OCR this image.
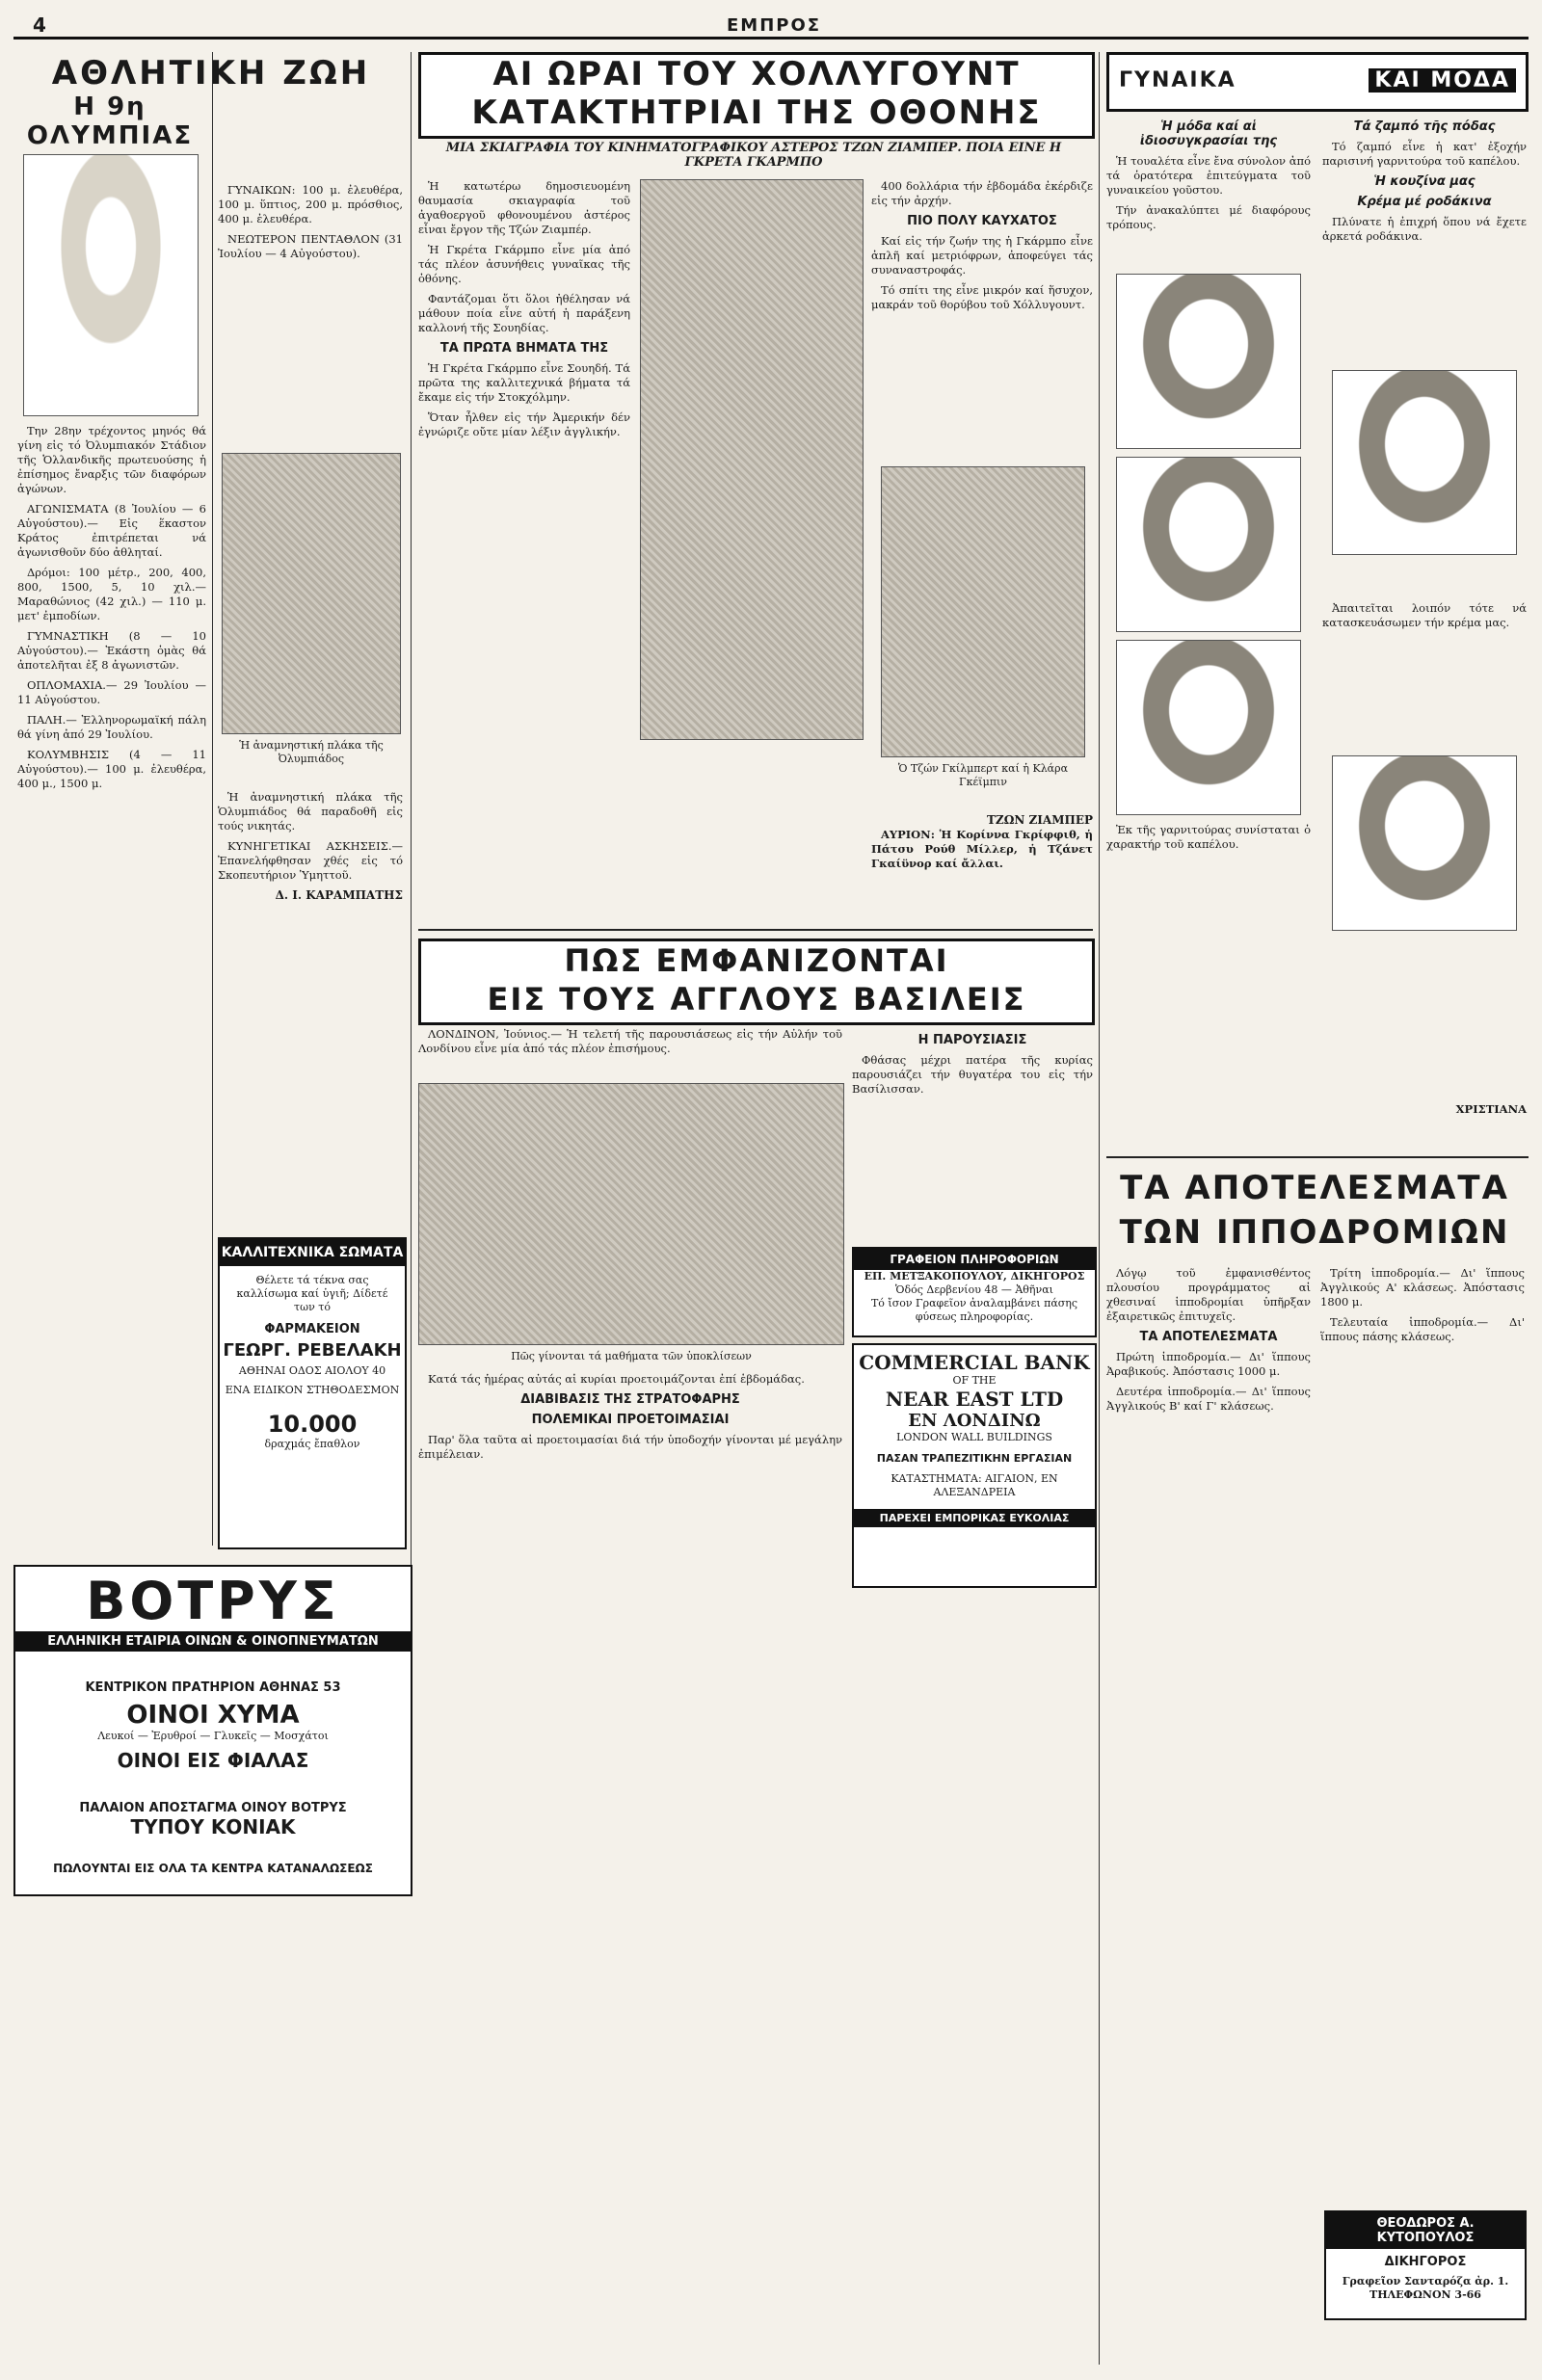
4	ΕΜΠΡΟΣ
ΑΘΛΗΤΙΚΗ ΖΩΗ
Η 9η ΟΛΥΜΠΙΑΣ

Την 28ην τρέχοντος μηνός θά γίνη εἰς τό Ὀλυμπιακόν Στάδιον τῆς Ὁλλανδικῆς πρωτευούσης ἡ ἐπίσημος ἔναρξις τῶν διαφόρων ἀγώνων.

ΑΓΩΝΙΣΜΑΤΑ (8 Ἰουλίου — 6 Αὐγούστου).— Εἰς ἕκαστον Κράτος ἐπιτρέπεται νά ἀγωνισθοῦν δύο ἀθληταί.

Δρόμοι: 100 μέτρ., 200, 400, 800, 1500, 5, 10 χιλ.— Μαραθώνιος (42 χιλ.) — 110 μ. μετ' ἐμποδίων.

ΓΥΜΝΑΣΤΙΚΗ (8 — 10 Αὐγούστου).— Ἑκάστη ὁμὰς θά ἀποτελῆται ἐξ 8 ἀγωνιστῶν.

ΟΠΛΟΜΑΧΙΑ.— 29 Ἰουλίου — 11 Αὐγούστου.

ΠΑΛΗ.— Ἑλληνορωμαϊκή πάλη θά γίνη ἀπό 29 Ἰουλίου.

ΚΟΛΥΜΒΗΣΙΣ (4 — 11 Αὐγούστου).— 100 μ. ἐλευθέρα, 400 μ., 1500 μ.

ΓΥΝΑΙΚΩΝ: 100 μ. ἐλευθέρα, 100 μ. ὕπτιος, 200 μ. πρόσθιος, 400 μ. ἐλευθέρα.

ΝΕΩΤΕΡΟΝ ΠΕΝΤΑΘΛΟΝ (31 Ἰουλίου — 4 Αὐγούστου).

Ἡ ἀναμνηστική πλάκα τῆς Ὀλυμπιάδος

Ἡ ἀναμνηστική πλάκα τῆς Ὁλυμπιάδος θά παραδοθῆ εἰς τούς νικητάς.

ΚΥΝΗΓΕΤΙΚΑΙ ΑΣΚΗΣΕΙΣ.— Ἐπανελήφθησαν χθές εἰς τό Σκοπευτήριον Ὑμηττοῦ.

Δ. Ι. ΚΑΡΑΜΠΑΤΗΣ
ΚΑΛΛΙΤΕΧΝΙΚΑ ΣΩΜΑΤΑ
Θέλετε τά τέκνα σας καλλίσωμα καί ὑγιῆ; Δίδετέ των τό
ΦΑΡΜΑΚΕΙΟΝ
ΓΕΩΡΓ. ΡΕΒΕΛΑΚΗ
ΑΘΗΝΑΙ ΟΔΟΣ ΑΙΟΛΟΥ 40
ΕΝΑ ΕΙΔΙΚΟΝ ΣΤΗΘΟΔΕΣΜΟΝ
10.000
δραχμάς ἔπαθλον
ΒΟΤΡΥΣ
ΕΛΛΗΝΙΚΗ ΕΤΑΙΡΙΑ ΟΙΝΩΝ & ΟΙΝΟΠΝΕΥΜΑΤΩΝ
ΚΕΝΤΡΙΚΟΝ ΠΡΑΤΗΡΙΟΝ ΑΘΗΝΑΣ 53
ΟΙΝΟΙ ΧΥΜΑ
Λευκοί — Ἐρυθροί — Γλυκεῖς — Μοσχάτοι
ΟΙΝΟΙ ΕΙΣ ΦΙΑΛΑΣ
ΠΑΛΑΙΟΝ ΑΠΟΣΤΑΓΜΑ ΟΙΝΟΥ ΒΟΤΡΥΣ
ΤΥΠΟΥ ΚΟΝΙΑΚ
ΠΩΛΟΥΝΤΑΙ ΕΙΣ ΟΛΑ ΤΑ ΚΕΝΤΡΑ ΚΑΤΑΝΑΛΩΣΕΩΣ
ΑΙ ΩΡΑΙ ΤΟΥ ΧΟΛΛΥΓΟΥΝΤ
ΚΑΤΑΚΤΗΤΡΙΑΙ ΤΗΣ ΟΘΟΝΗΣ
ΜΙΑ ΣΚΙΑΓΡΑΦΙΑ ΤΟΥ ΚΙΝΗΜΑΤΟΓΡΑΦΙΚΟΥ ΑΣΤΕΡΟΣ ΤΖΩΝ ΖΙΑΜΠΕΡ. ΠΟΙΑ ΕΙΝΕ Η ΓΚΡΕΤΑ ΓΚΑΡΜΠΟ

Ἡ κατωτέρω δημοσιευομένη θαυμασία σκιαγραφία τοῦ ἀγαθοεργοῦ φθονουμένου ἀστέρος εἶναι ἔργον τῆς Τζών Ζιαμπέρ.

Ἡ Γκρέτα Γκάρμπο εἶνε μία ἀπό τάς πλέον ἀσυνήθεις γυναῖκας τῆς ὀθόνης.

Φαντάζομαι ὅτι ὅλοι ἠθέλησαν νά μάθουν ποία εἶνε αὐτή ἡ παράξενη καλλονή τῆς Σουηδίας.

ΤΑ ΠΡΩΤΑ ΒΗΜΑΤΑ ΤΗΣ

Ἡ Γκρέτα Γκάρμπο εἶνε Σουηδή. Τά πρῶτα της καλλιτεχνικά βήματα τά ἔκαμε εἰς τήν Στοκχόλμην.

Ὅταν ἦλθεν εἰς τήν Ἀμερικήν δέν ἐγνώριζε οὔτε μίαν λέξιν ἀγγλικήν.

Ὁ Τζών Γκίλμπερτ καί ἡ Κλάρα Γκέϊμπιν

400 δολλάρια τήν ἑβδομάδα ἐκέρδιζε εἰς τήν ἀρχήν.

ΠΙΟ ΠΟΛΥ ΚΑΥΧΑΤΟΣ

Καί εἰς τήν ζωήν της ἡ Γκάρμπο εἶνε ἀπλῆ καί μετριόφρων, ἀποφεύγει τάς συναναστροφάς.

Τό σπίτι της εἶνε μικρόν καί ἥσυχον, μακράν τοῦ θορύβου τοῦ Χόλλυγουντ.

ΤΖΩΝ ΖΙΑΜΠΕΡ

ΑΥΡΙΟΝ: Ἡ Κορίννα Γκρίφφιθ, ἡ Πάτσυ Ρούθ Μίλλερ, ἡ Τζάνετ Γκαίϋνορ καί ἄλλαι.

ΠΩΣ ΕΜΦΑΝΙΖΟΝΤΑΙ
ΕΙΣ ΤΟΥΣ ΑΓΓΛΟΥΣ ΒΑΣΙΛΕΙΣ

ΛΟΝΔΙΝΟΝ, Ἰούνιος.— Ἡ τελετή τῆς παρουσιάσεως εἰς τήν Αὐλήν τοῦ Λονδίνου εἶνε μία ἀπό τάς πλέον ἐπισήμους.

Πῶς γίνονται τά μαθήματα τῶν ὑποκλίσεων

Κατά τάς ἡμέρας αὐτάς αἱ κυρίαι προετοιμάζονται ἐπί ἑβδομάδας.

ΔΙΑΒΙΒΑΣΙΣ ΤΗΣ ΣΤΡΑΤΟΦΑΡΗΣ
ΠΟΛΕΜΙΚΑΙ ΠΡΟΕΤΟΙΜΑΣΙΑΙ

Παρ' ὅλα ταῦτα αἱ προετοιμασίαι διά τήν ὑποδοχήν γίνονται μέ μεγάλην ἐπιμέλειαν.

Η ΠΑΡΟΥΣΙΑΣΙΣ

Φθάσας μέχρι πατέρα τῆς κυρίας παρουσιάζει τήν θυγατέρα του εἰς τήν Βασίλισσαν.

ΓΡΑΦΕΙΟΝ ΠΛΗΡΟΦΟΡΙΩΝ
ΕΠ. ΜΕΤΞΑΚΟΠΟΥΛΟΥ, ΔΙΚΗΓΟΡΟΣ
Ὁδός Δερβενίου 48 — Ἀθῆναι
Τό ἴσον Γραφεῖον ἀναλαμβάνει πάσης φύσεως πληροφορίας.
COMMERCIAL BANK
OF THE
NEAR EAST LTD
ΕΝ ΛΟΝΔΙΝΩ
LONDON WALL BUILDINGS
ΠΑΣΑΝ ΤΡΑΠΕΖΙΤΙΚΗΝ ΕΡΓΑΣΙΑΝ
ΚΑΤΑΣΤΗΜΑΤΑ: ΑΙΓΑΙΟΝ, ΕΝ ΑΛΕΞΑΝΔΡΕΙΑ
ΠΑΡΕΧΕΙ ΕΜΠΟΡΙΚΑΣ ΕΥΚΟΛΙΑΣ
ΓΥΝΑΙΚΑ	ΚΑΙ ΜΟΔΑ
Ἡ μόδα καί αἱ ἰδιοσυγκρασίαι της

Ἡ τουαλέτα εἶνε ἔνα σύνολον ἀπό τά ὁρατότερα ἐπιτεύγματα τοῦ γυναικείου γοῦστου.

Τήν ἀνακαλύπτει μέ διαφόρους τρόπους.

Τά ζαμπό τῆς πόδας

Τό ζαμπό εἶνε ἡ κατ' ἐξοχήν παρισινή γαρνιτούρα τοῦ καπέλου.

Ἡ κουζίνα μας
Κρέμα μέ ροδάκινα

Πλύνατε ἡ ἐπιχρή ὅπου νά ἔχετε ἀρκετά ροδάκινα.

Ἀπαιτεῖται λοιπόν τότε νά κατασκευάσωμεν τήν κρέμα μας.

Ἐκ τῆς γαρνιτούρας συνίσταται ὁ χαρακτήρ τοῦ καπέλου.

ΧΡΙΣΤΙΑΝΑ
ΤΑ ΑΠΟΤΕΛΕΣΜΑΤΑ
ΤΩΝ ΙΠΠΟΔΡΟΜΙΩΝ

Λόγῳ τοῦ ἐμφανισθέντος πλουσίου προγράμματος αἱ χθεσιναί ἱπποδρομίαι ὑπῆρξαν ἐξαιρετικῶς ἐπιτυχεῖς.

ΤΑ ΑΠΟΤΕΛΕΣΜΑΤΑ

Πρώτη ἱπποδρομία.— Δι' ἵππους Ἀραβικούς. Ἀπόστασις 1000 μ.

Δευτέρα ἱπποδρομία.— Δι' ἵππους Ἀγγλικούς Β' καί Γ' κλάσεως.

Τρίτη ἱπποδρομία.— Δι' ἵππους Ἀγγλικούς Α' κλάσεως. Ἀπόστασις 1800 μ.

Τελευταία ἱπποδρομία.— Δι' ἵππους πάσης κλάσεως.

ΘΕΟΔΩΡΟΣ Α. ΚΥΤΟΠΟΥΛΟΣ
ΔΙΚΗΓΟΡΟΣ
Γραφεῖον Σανταρόζα ἀρ. 1.
ΤΗΛΕΦΩΝΟΝ 3-66
